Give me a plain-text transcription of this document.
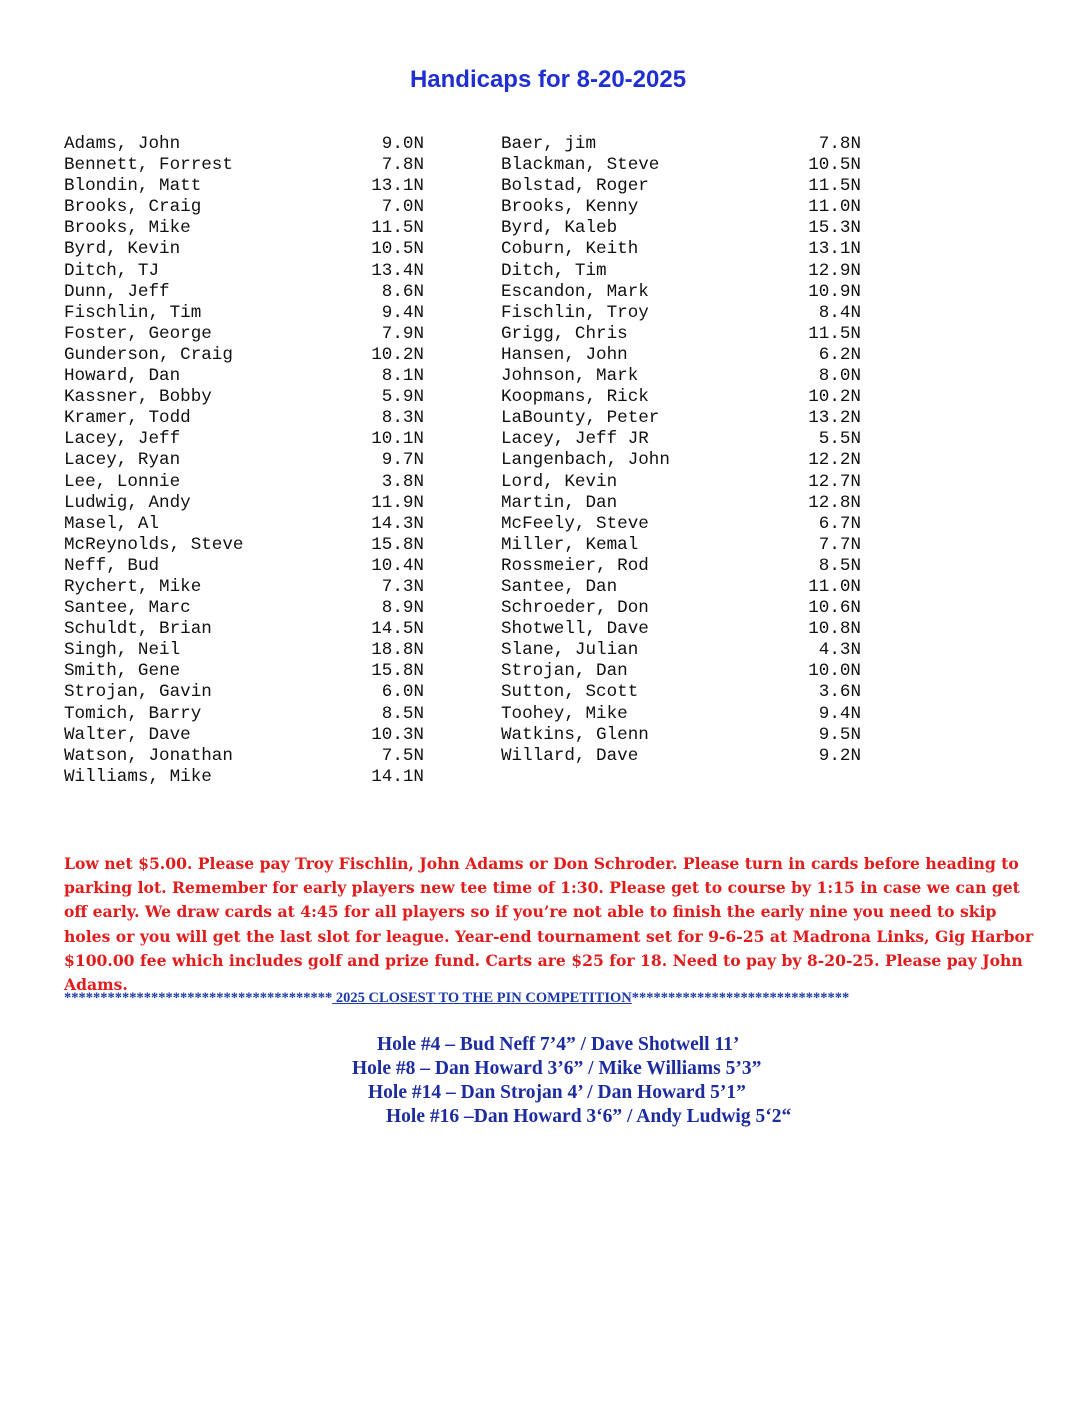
Handicaps for 8-20-2025
Adams, John	9.0N
Bennett, Forrest	7.8N
Blondin, Matt	13.1N
Brooks, Craig	7.0N
Brooks, Mike	11.5N
Byrd, Kevin	10.5N
Ditch, TJ	13.4N
Dunn, Jeff	8.6N
Fischlin, Tim	9.4N
Foster, George	7.9N
Gunderson, Craig	10.2N
Howard, Dan	8.1N
Kassner, Bobby	5.9N
Kramer, Todd	8.3N
Lacey, Jeff	10.1N
Lacey, Ryan	9.7N
Lee, Lonnie	3.8N
Ludwig, Andy	11.9N
Masel, Al	14.3N
McReynolds, Steve	15.8N
Neff, Bud	10.4N
Rychert, Mike	7.3N
Santee, Marc	8.9N
Schuldt, Brian	14.5N
Singh, Neil	18.8N
Smith, Gene	15.8N
Strojan, Gavin	6.0N
Tomich, Barry	8.5N
Walter, Dave	10.3N
Watson, Jonathan	7.5N
Williams, Mike	14.1N
Baer, jim	7.8N
Blackman, Steve	10.5N
Bolstad, Roger	11.5N
Brooks, Kenny	11.0N
Byrd, Kaleb	15.3N
Coburn, Keith	13.1N
Ditch, Tim	12.9N
Escandon, Mark	10.9N
Fischlin, Troy	8.4N
Grigg, Chris	11.5N
Hansen, John	6.2N
Johnson, Mark	8.0N
Koopmans, Rick	10.2N
LaBounty, Peter	13.2N
Lacey, Jeff JR	5.5N
Langenbach, John	12.2N
Lord, Kevin	12.7N
Martin, Dan	12.8N
McFeely, Steve	6.7N
Miller, Kemal	7.7N
Rossmeier, Rod	8.5N
Santee, Dan	11.0N
Schroeder, Don	10.6N
Shotwell, Dave	10.8N
Slane, Julian	4.3N
Strojan, Dan	10.0N
Sutton, Scott	3.6N
Toohey, Mike	9.4N
Watkins, Glenn	9.5N
Willard, Dave	9.2N

Low net $5.00. Please pay Troy Fischlin, John Adams or Don Schroder. Please turn in cards before heading to parking lot. Remember for early players new tee time of 1:30. Please get to course by 1:15 in case we can get off early. We draw cards at 4:45 for all players so if you’re not able to finish the early nine you need to skip holes or you will get the last slot for league. Year-end tournament set for 9-6-25 at Madrona Links, Gig Harbor $100.00 fee which includes golf and prize fund. Carts are $25 for 18. Need to pay by 8-20-25. Please pay John Adams.

************************************* 2025 CLOSEST TO THE PIN COMPETITION******************************

Hole #4 – Bud Neff 7’4” / Dave Shotwell 11’

Hole #8 – Dan Howard 3’6” / Mike Williams 5’3”

Hole #14 – Dan Strojan 4’ / Dan Howard 5’1”

Hole #16 –Dan Howard 3‘6” / Andy Ludwig 5‘2“
